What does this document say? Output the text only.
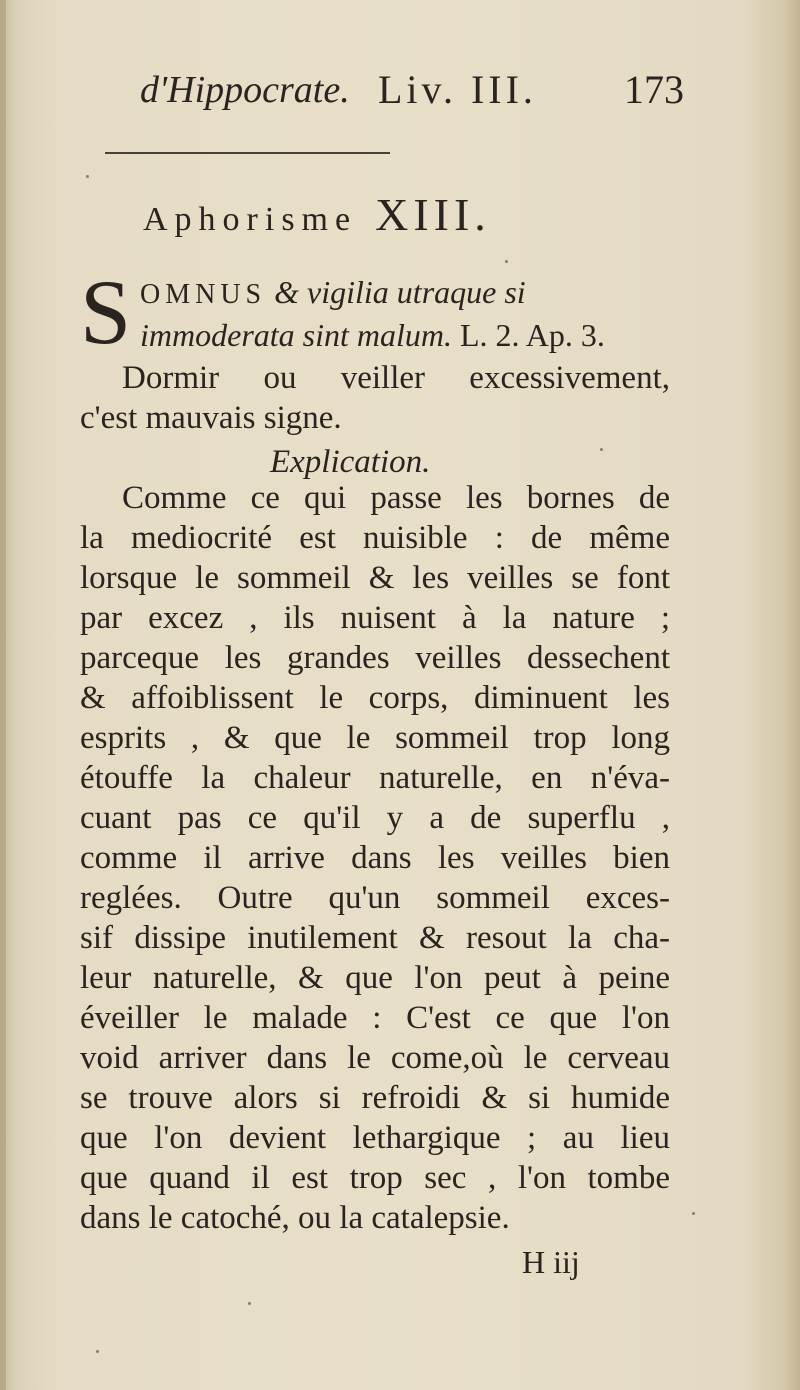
d'Hippocrate. Liv. III. 173
Aphorisme XIII.
S OMNUS & vigilia utraque si
immoderata sint malum. L. 2. Ap. 3.
Dormir ou veiller excessivement,
c'est mauvais signe.
Explication.
Comme ce qui passe les bornes de
la mediocrité est nuisible : de même
lorsque le sommeil & les veilles se font
par excez , ils nuisent à la nature ;
parceque les grandes veilles dessechent
& affoiblissent le corps, diminuent les
esprits , & que le sommeil trop long
étouffe la chaleur naturelle, en n'éva-
cuant pas ce qu'il y a de superflu ,
comme il arrive dans les veilles bien
reglées. Outre qu'un sommeil exces-
sif dissipe inutilement & resout la cha-
leur naturelle, & que l'on peut à peine
éveiller le malade : C'est ce que l'on
void arriver dans le come,où le cerveau
se trouve alors si refroidi & si humide
que l'on devient lethargique ; au lieu
que quand il est trop sec , l'on tombe
dans le catoché, ou la catalepsie.
H iij
